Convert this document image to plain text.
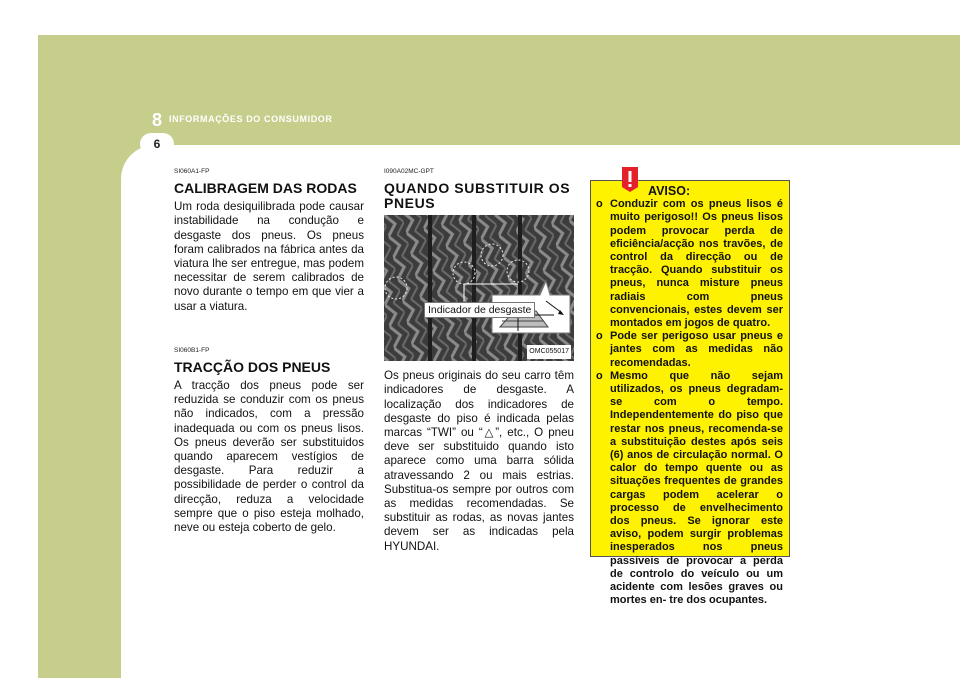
6
8 INFORMAÇÕES DO CONSUMIDOR
SI060A1-FP
CALIBRAGEM DAS RODAS

Um roda desiquilibrada pode causar instabilidade na condução e desgaste dos pneus. Os pneus foram calibrados na fábrica antes da viatura lhe ser entregue, mas podem necessitar de serem calibrados de novo durante o tempo em que vier a usar a viatura.

SI060B1-FP
TRACÇÃO DOS PNEUS

A tracção dos pneus pode ser reduzida se conduzir com os pneus não indicados, com a pressão inadequada ou com os pneus lisos. Os pneus deverão ser substituidos quando aparecem vestígios de desgaste. Para reduzir a possibilidade de perder o control da direcção, reduza a velocidade sempre que o piso esteja molhado, neve ou esteja coberto de gelo.

I090A02MC-GPT
QUANDO SUBSTITUIR OS PNEUS
Indicador de desgaste
OMC055017

Os pneus originais do seu carro têm indicadores de desgaste. A localização dos indicadores de desgaste do piso é indicada pelas marcas “TWI” ou “△”, etc., O pneu deve ser substituido quando isto aparece como uma barra sólida atravessando 2 ou mais estrias. Substitua-os sempre por outros com as medidas recomendadas. Se substituir as rodas, as novas jantes devem ser as indicadas pela HYUNDAI.

AVISO:
o Conduzir com os pneus lisos é muito perigoso!! Os pneus lisos podem provocar perda de eficiência/acção nos travões, de control da direcção ou de tracção. Quando substituir os pneus, nunca misture pneus radiais com pneus convencionais, estes devem ser montados em jogos de quatro.
o Pode ser perigoso usar pneus e jantes com as medidas não recomendadas.
o Mesmo que não sejam utilizados, os pneus degradam-se com o tempo. Independentemente do piso que restar nos pneus, recomenda-se a substituição destes após seis (6) anos de circulação normal. O calor do tempo quente ou as situações frequentes de grandes cargas podem acelerar o processo de envelhecimento dos pneus. Se ignorar este aviso, podem surgir problemas inesperados nos pneus passíveis de provocar a perda de controlo do veículo ou um acidente com lesões graves ou mortes en- tre dos ocupantes.
carmanualsonline.info
